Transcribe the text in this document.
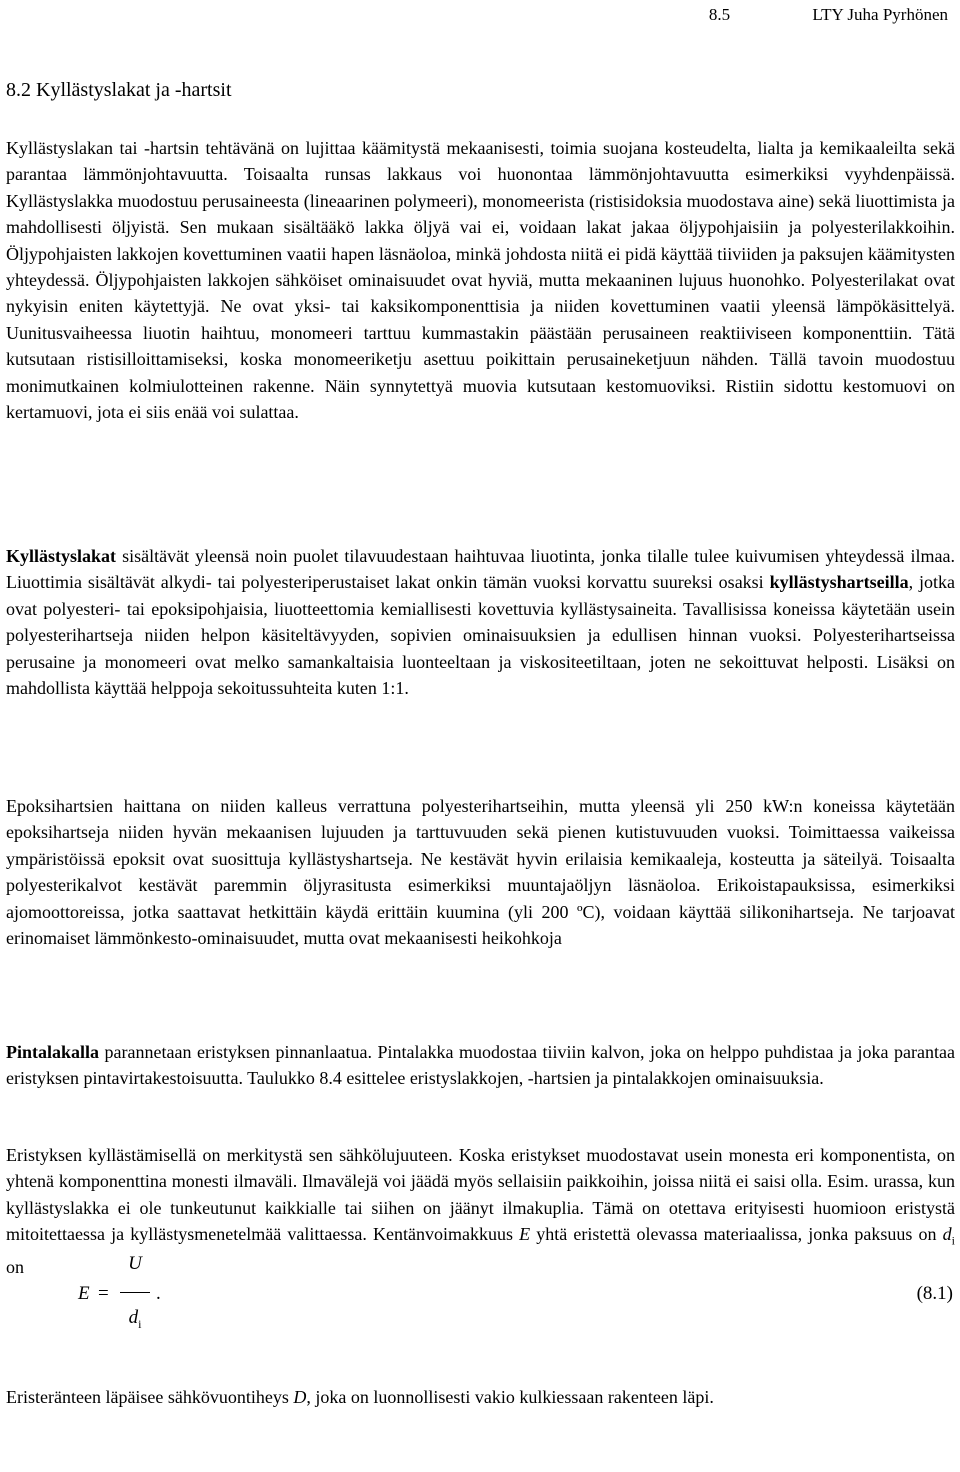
8.5	LTY Juha Pyrhönen
8.2 Kyllästyslakat ja -hartsit

Kyllästyslakan tai -hartsin tehtävänä on lujittaa käämitystä mekaanisesti, toimia suojana kosteudelta, lialta ja kemikaaleilta sekä parantaa lämmönjohtavuutta. Toisaalta runsas lakkaus voi huonontaa lämmönjohtavuutta esimerkiksi vyyhdenpäissä. Kyllästyslakka muodostuu perusaineesta (lineaarinen polymeeri), monomeerista (ristisidoksia muodostava aine) sekä liuottimista ja mahdollisesti öljyistä. Sen mukaan sisältääkö lakka öljyä vai ei, voidaan lakat jakaa öljypohjaisiin ja polyesterilakkoihin. Öljypohjaisten lakkojen kovettuminen vaatii hapen läsnäoloa, minkä johdosta niitä ei pidä käyttää tiiviiden ja paksujen käämitysten yhteydessä. Öljypohjaisten lakkojen sähköiset ominaisuudet ovat hyviä, mutta mekaaninen lujuus huonohko. Polyesterilakat ovat nykyisin eniten käytettyjä. Ne ovat yksi- tai kaksikomponenttisia ja niiden kovettuminen vaatii yleensä lämpökäsittelyä. Uunitusvaiheessa liuotin haihtuu, monomeeri tarttuu kummastakin päästään perusaineen reaktiiviseen komponenttiin. Tätä kutsutaan ristisilloittamiseksi, koska monomeeriketju asettuu poikittain perusaineketjuun nähden. Tällä tavoin muodostuu monimutkainen kolmiulotteinen rakenne. Näin synnytettyä muovia kutsutaan kestomuoviksi. Ristiin sidottu kestomuovi on kertamuovi, jota ei siis enää voi sulattaa.

Kyllästyslakat sisältävät yleensä noin puolet tilavuudestaan haihtuvaa liuotinta, jonka tilalle tulee kuivumisen yhteydessä ilmaa. Liuottimia sisältävät alkydi- tai polyesteriperustaiset lakat onkin tämän vuoksi korvattu suureksi osaksi kyllästyshartseilla, jotka ovat polyesteri- tai epoksipohjaisia, liuotteettomia kemiallisesti kovettuvia kyllästysaineita. Tavallisissa koneissa käytetään usein polyesterihartseja niiden helpon käsiteltävyyden, sopivien ominaisuuksien ja edullisen hinnan vuoksi. Polyesterihartseissa perusaine ja monomeeri ovat melko samankaltaisia luonteeltaan ja viskositeetiltaan, joten ne sekoittuvat helposti. Lisäksi on mahdollista käyttää helppoja sekoitussuhteita kuten 1:1.

Epoksihartsien haittana on niiden kalleus verrattuna polyesterihartseihin, mutta yleensä yli 250 kW:n koneissa käytetään epoksihartseja niiden hyvän mekaanisen lujuuden ja tarttuvuuden sekä pienen kutistuvuuden vuoksi. Toimittaessa vaikeissa ympäristöissä epoksit ovat suosittuja kyllästyshartseja. Ne kestävät hyvin erilaisia kemikaaleja, kosteutta ja säteilyä. Toisaalta polyesterikalvot kestävät paremmin öljyrasitusta esimerkiksi muuntajaöljyn läsnäoloa. Erikoistapauksissa, esimerkiksi ajomoottoreissa, jotka saattavat hetkittäin käydä erittäin kuumina (yli 200 ºC), voidaan käyttää silikonihartseja. Ne tarjoavat erinomaiset lämmönkesto-ominaisuudet, mutta ovat mekaanisesti heikohkoja

Pintalakalla parannetaan eristyksen pinnanlaatua. Pintalakka muodostaa tiiviin kalvon, joka on helppo puhdistaa ja joka parantaa eristyksen pintavirtakestoisuutta. Taulukko 8.4 esittelee eristyslakkojen, -hartsien ja pintalakkojen ominaisuuksia.

Eristyksen kyllästämisellä on merkitystä sen sähkölujuuteen. Koska eristykset muodostavat usein monesta eri komponentista, on yhtenä komponenttina monesti ilmaväli. Ilmavälejä voi jäädä myös sellaisiin paikkoihin, joissa niitä ei saisi olla. Esim. urassa, kun kyllästyslakka ei ole tunkeutunut kaikkialle tai siihen on jäänyt ilmakuplia. Tämä on otettava erityisesti huomioon eristystä mitoitettaessa ja kyllästysmenetelmää valittaessa. Kentänvoimakkuus E yhtä eristettä olevassa materiaalissa, jonka paksuus on $d_i$ on

E =
U
$d_i$
.	(8.1)

Eristeränteen läpäisee sähkövuontiheys D, joka on luonnollisesti vakio kulkiessaan rakenteen läpi.
